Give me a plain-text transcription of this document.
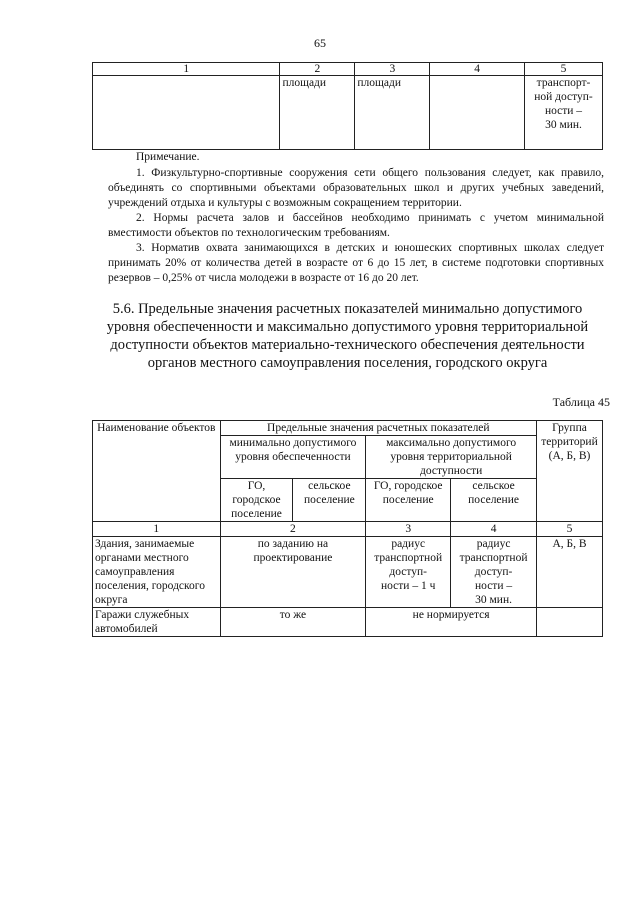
65
1	2	3	4	5
	площади	площади		транспорт-
ной доступ-
ности –
30 мин.

Примечание.

1. Физкультурно-спортивные сооружения сети общего пользования следует, как правило, объединять со спортивными объектами образовательных школ и других учебных заведений, учреждений отдыха и культуры с возможным сокращением территории.

2. Нормы расчета залов и бассейнов необходимо принимать с учетом минимальной вместимости объектов по технологическим требованиям.

3. Норматив охвата занимающихся в детских и юношеских спортивных школах следует принимать 20% от количества детей в возрасте от 6 до 15 лет, в системе подготовки спортивных резервов – 0,25% от числа молодежи в возрасте от 16 до 20 лет.

5.6. Предельные значения расчетных показателей минимально допустимого уровня обеспеченности и максимально допустимого уровня территориальной доступности объектов материально-технического обеспечения деятельности органов местного самоуправления поселения, городского округа
Таблица 45
Наименование объектов	Предельные значения расчетных показателей				Группа территорий (А, Б, В)
	минимально допустимого уровня обеспеченности		максимально допустимого уровня территориальной доступности		
	ГО, городское поселение	сельское поселение	ГО, городское поселение	сельское поселение	
1	2		3	4	5
Здания, занимаемые органами местного самоуправления поселения, городского округа	по заданию на проектирование		радиус транспортной доступ-
ности – 1 ч	радиус транспортной доступ-
ности –
30 мин.	А, Б, В
Гаражи служебных автомобилей	то же		не нормируется		
